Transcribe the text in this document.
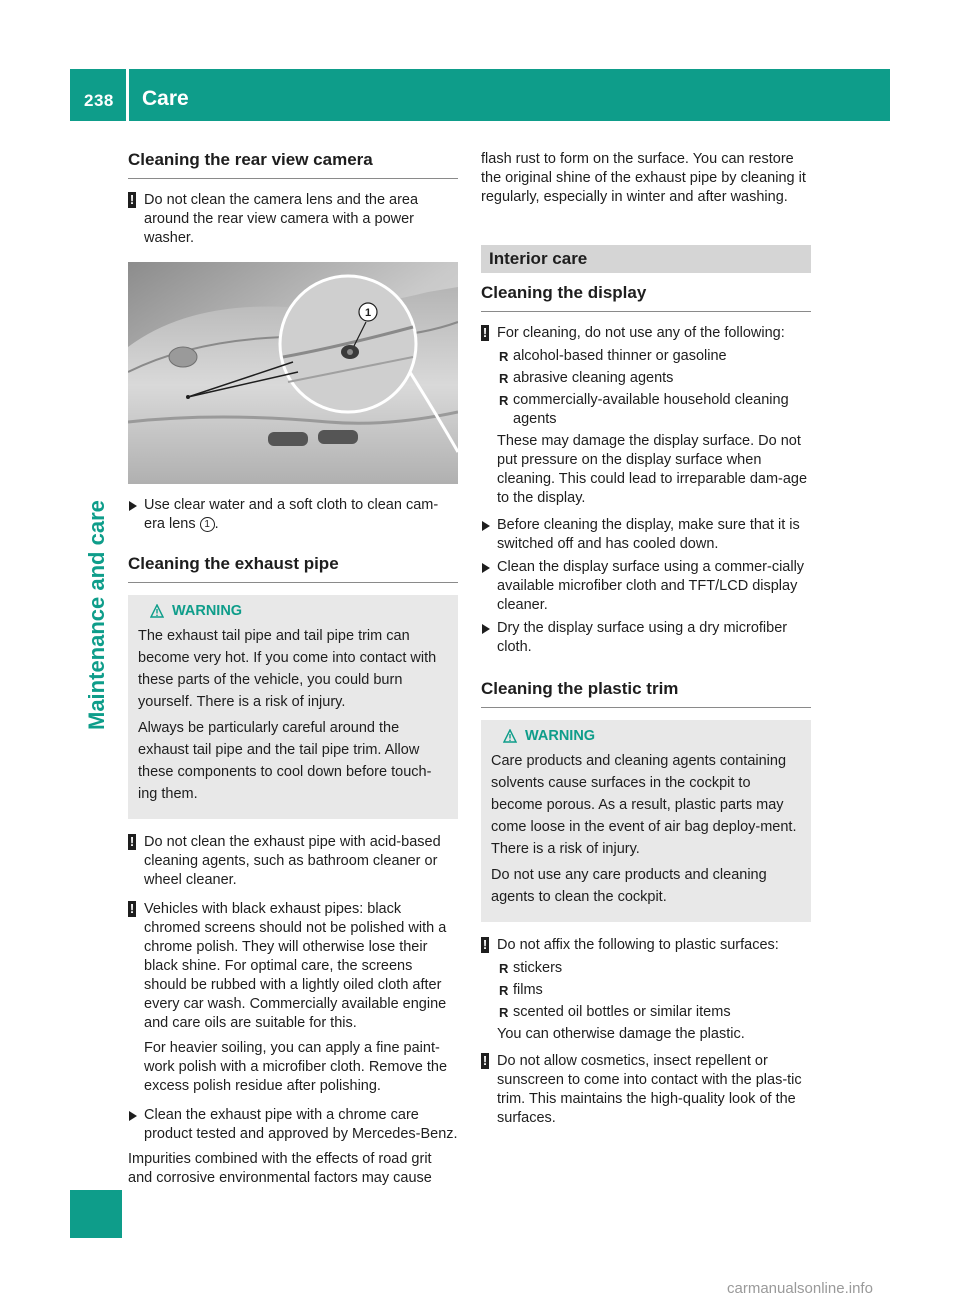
238 Care
Maintenance and care
Cleaning the rear view camera
! Do not clean the camera lens and the area around the rear view camera with a power washer.
1
Use clear water and a soft cloth to clean cam-era lens 1 .
Cleaning the exhaust pipe
WARNING

The exhaust tail pipe and tail pipe trim can become very hot. If you come into contact with these parts of the vehicle, you could burn yourself. There is a risk of injury.

Always be particularly careful around the exhaust tail pipe and the tail pipe trim. Allow these components to cool down before touch-ing them.

! Do not clean the exhaust pipe with acid-based cleaning agents, such as bathroom cleaner or wheel cleaner.
! Vehicles with black exhaust pipes: black chromed screens should not be polished with a chrome polish. They will otherwise lose their black shine. For optimal care, the screens should be rubbed with a lightly oiled cloth after every car wash. Commercially available engine and care oils are suitable for this.
For heavier soiling, you can apply a fine paint-work polish with a microfiber cloth. Remove the excess polish residue after polishing.
Clean the exhaust pipe with a chrome care product tested and approved by Mercedes-Benz.

Impurities combined with the effects of road grit and corrosive environmental factors may cause

flash rust to form on the surface. You can restore the original shine of the exhaust pipe by cleaning it regularly, especially in winter and after washing.

Interior care
Cleaning the display
! For cleaning, do not use any of the following:
R alcohol-based thinner or gasoline
R abrasive cleaning agents
R commercially-available household cleaning agents

These may damage the display surface. Do not put pressure on the display surface when cleaning. This could lead to irreparable dam-age to the display.

Before cleaning the display, make sure that it is switched off and has cooled down.
Clean the display surface using a commer-cially available microfiber cloth and TFT/LCD display cleaner.
Dry the display surface using a dry microfiber cloth.
Cleaning the plastic trim
WARNING

Care products and cleaning agents containing solvents cause surfaces in the cockpit to become porous. As a result, plastic parts may come loose in the event of air bag deploy-ment. There is a risk of injury.

Do not use any care products and cleaning agents to clean the cockpit.

! Do not affix the following to plastic surfaces:
R stickers
R films
R scented oil bottles or similar items

You can otherwise damage the plastic.

! Do not allow cosmetics, insect repellent or sunscreen to come into contact with the plas-tic trim. This maintains the high-quality look of the surfaces.
carmanualsonline.info
